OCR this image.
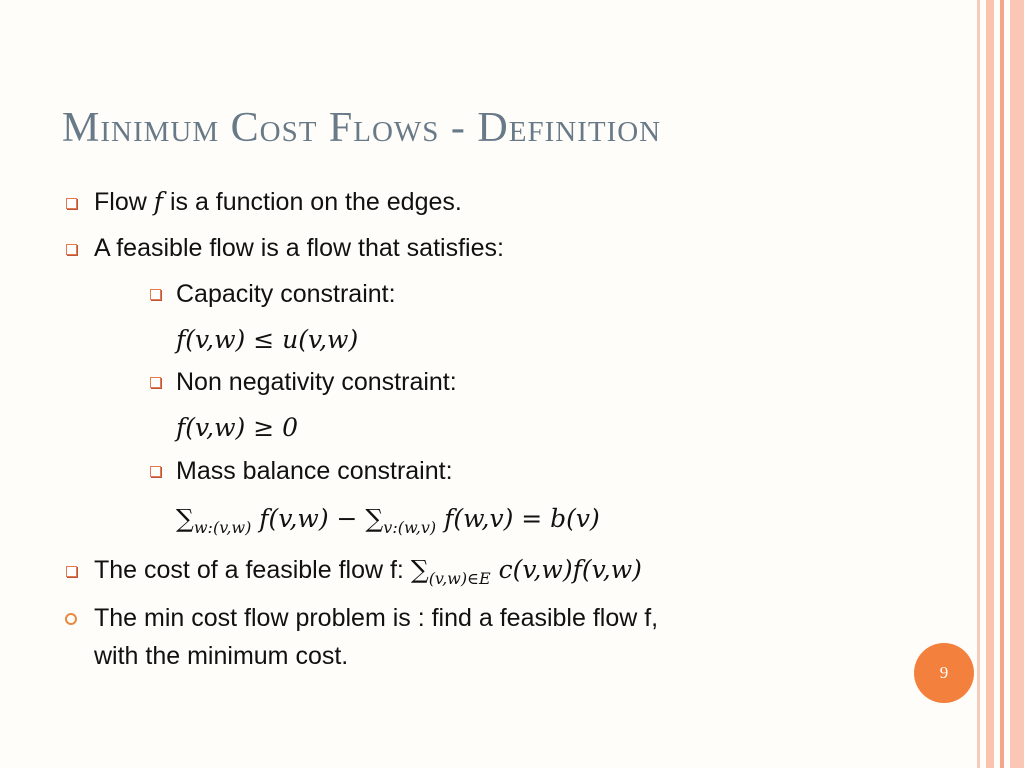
Minimum Cost Flows - Definition
Flow f is a function on the edges.
A feasible flow is a flow that satisfies:
Capacity constraint:
f(v,w) ≤ u(v,w)
Non negativity constraint:
f(v,w) ≥ 0
Mass balance constraint:
$\sum_{w:(v,w)}$ $f(v,w) - \sum_{v:(w,v)}$ f(w,v) = b(v)
The cost of a feasible flow f: $\sum_{(v,w)\in E}$ c(v,w)f(v,w)
The min cost flow problem is : find a feasible flow f,
with the minimum cost.
9
